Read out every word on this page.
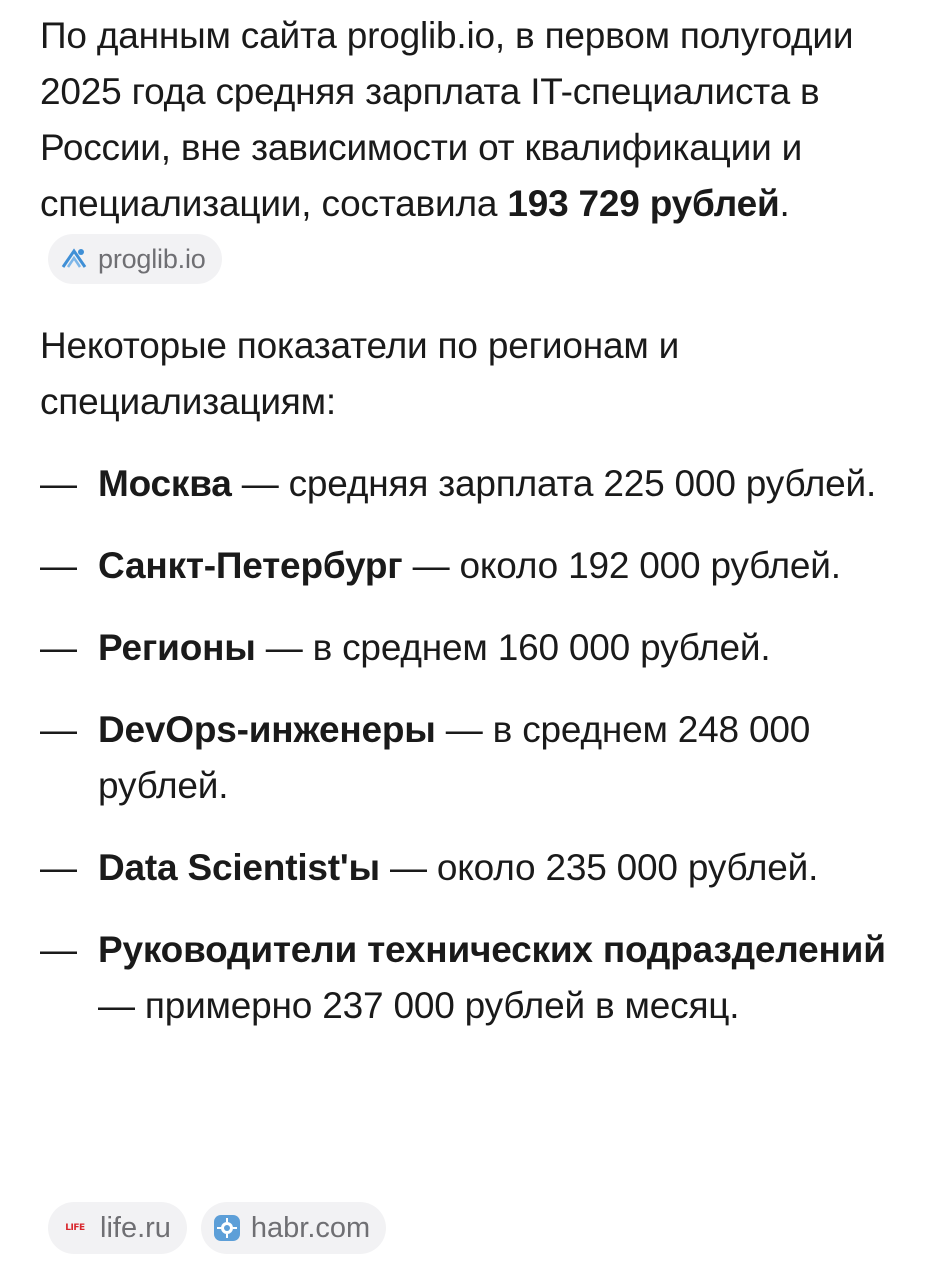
По данным сайта proglib.io, в первом полугодии 2025 года средняя зарплата IT-специалиста в России, вне зависимости от квалификации и специализации, составила 193 729 рублей.
proglib.io

Некоторые показатели по регионам и специализациям:

— Москва — средняя зарплата 225 000 рублей.
— Санкт-Петербург — около 192 000 рублей.
— Регионы — в среднем 160 000 рублей.
— DevOps-инженеры — в среднем 248 000 рублей.
— Data Scientist'ы — около 235 000 рублей.
— Руководители технических подразделений — примерно 237 000 рублей в месяц.
LIFE life.ru	habr.com
